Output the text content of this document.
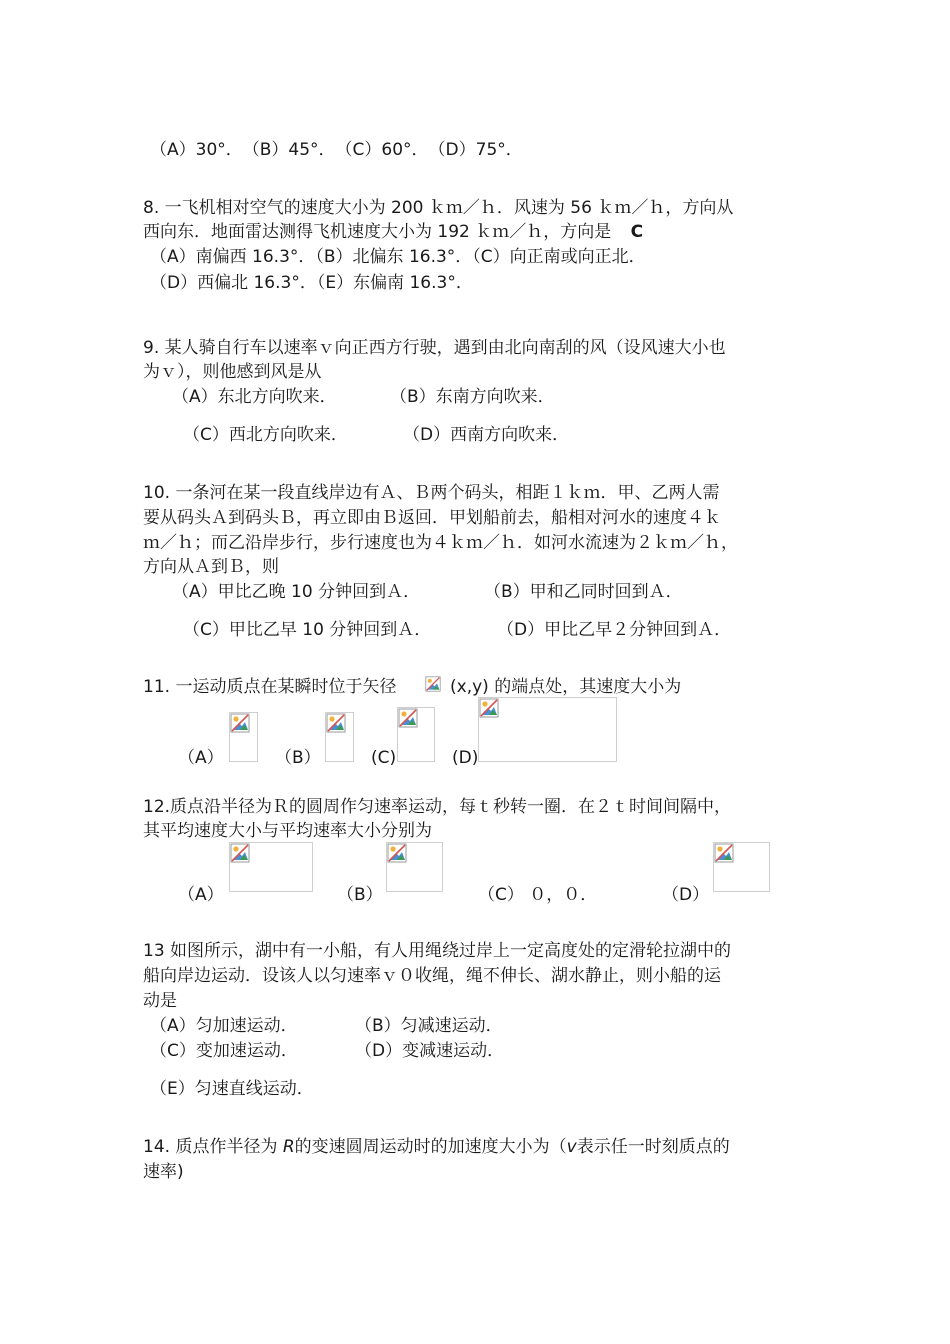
（A）30°．　（B）45°．　（C）60°．　（D）75°．
8. 一飞机相对空气的速度大小为 200 ｋｍ／ｈ．风速为 56 ｋｍ／ｈ，方向从
西向东．地面雷达测得飞机速度大小为 192 ｋｍ／ｈ，方向是 C
（A）南偏西 16.3°．（B）北偏东 16.3°．（C）向正南或向正北．
（D）西偏北 16.3°．（E）东偏南 16.3°．
9. 某人骑自行车以速率ｖ向正西方行驶，遇到由北向南刮的风（设风速大小也
为ｖ），则他感到风是从
（A）东北方向吹来．	（B）东南方向吹来．
（C）西北方向吹来．	（D）西南方向吹来．
10. 一条河在某一段直线岸边有Ａ、Ｂ两个码头，相距１ｋｍ．甲、乙两人需
要从码头Ａ到码头Ｂ，再立即由Ｂ返回．甲划船前去，船相对河水的速度４ｋ
ｍ／ｈ；而乙沿岸步行，步行速度也为４ｋｍ／ｈ．如河水流速为２ｋｍ／ｈ，
方向从Ａ到Ｂ，则
（A）甲比乙晚 10 分钟回到Ａ．	（B）甲和乙同时回到Ａ．
（C）甲比乙早 10 分钟回到Ａ．	（D）甲比乙早２分钟回到Ａ．
11. 一运动质点在某瞬时位于矢径	(x,y) 的端点处，其速度大小为
（A）	（B）	(C)	(D)
12.质点沿半径为Ｒ的圆周作匀速率运动，每ｔ秒转一圈．在２ｔ时间间隔中，
其平均速度大小与平均速率大小分别为
（A）	（B）	（C） ０，０．	（D）
13 如图所示，湖中有一小船，有人用绳绕过岸上一定高度处的定滑轮拉湖中的
船向岸边运动．设该人以匀速率ｖ０收绳，绳不伸长、湖水静止，则小船的运
动是
（A）匀加速运动．	（B）匀减速运动．
（C）变加速运动．	（D）变减速运动．
（E）匀速直线运动．
14. 质点作半径为 R的变速圆周运动时的加速度大小为（v表示任一时刻质点的
速率)
